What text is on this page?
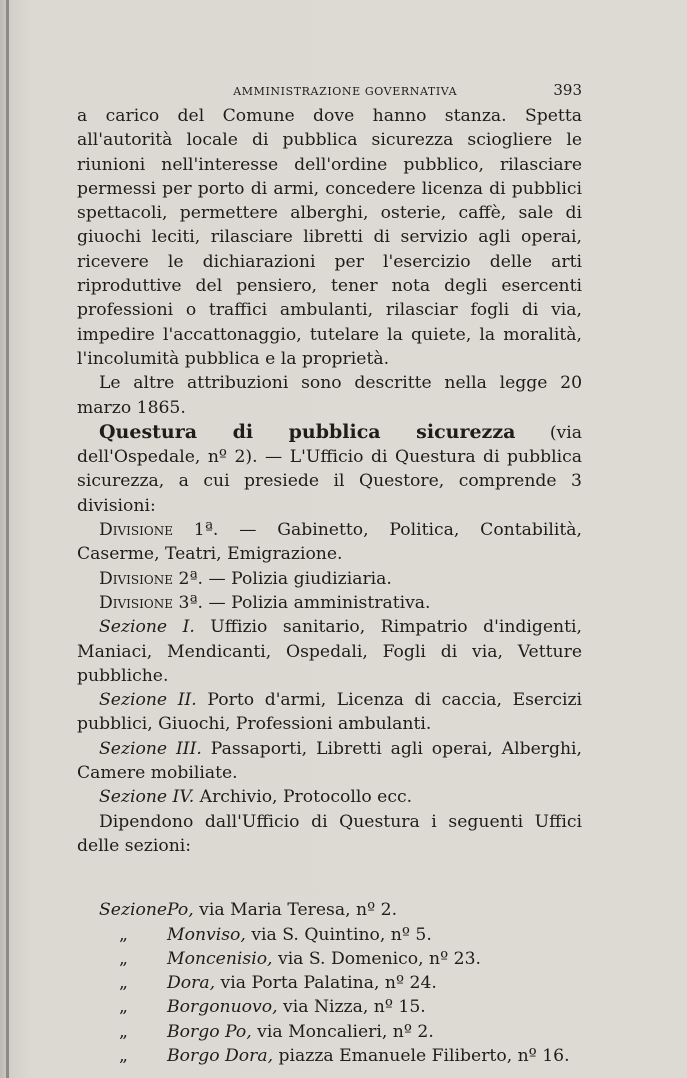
AMMINISTRAZIONE GOVERNATIVA	393

a carico del Comune dove hanno stanza. Spetta all'autorità locale di pubblica sicurezza sciogliere le riunioni nell'interesse dell'ordine pubblico, rilasciare permessi per porto di armi, concedere licenza di pubblici spettacoli, permettere alberghi, osterie, caffè, sale di giuochi leciti, rilasciare libretti di servizio agli operai, ricevere le dichiarazioni per l'esercizio delle arti riproduttive del pensiero, tener nota degli esercenti professioni o traffici ambulanti, rilasciar fogli di via, impedire l'accattonaggio, tutelare la quiete, la moralità, l'incolumità pubblica e la proprietà.

Le altre attribuzioni sono descritte nella legge 20 marzo 1865.

Questura di pubblica sicurezza (via dell'Ospedale, nº 2). — L'Ufficio di Questura di pubblica sicurezza, a cui presiede il Questore, comprende 3 divisioni:

Divisione 1ª. — Gabinetto, Politica, Contabilità, Caserme, Teatri, Emigrazione.

Divisione 2ª. — Polizia giudiziaria.

Divisione 3ª. — Polizia amministrativa.

Sezione I. Uffizio sanitario, Rimpatrio d'indigenti, Maniaci, Mendicanti, Ospedali, Fogli di via, Vetture pubbliche.

Sezione II. Porto d'armi, Licenza di caccia, Esercizi pubblici, Giuochi, Professioni ambulanti.

Sezione III. Passaporti, Libretti agli operai, Alberghi, Camere mobiliate.

Sezione IV. Archivio, Protocollo ecc.

Dipendono dall'Ufficio di Questura i seguenti Uffici delle sezioni:

Sezione Po, via Maria Teresa, nº 2.
„	Monviso, via S. Quintino, nº 5.
„	Moncenisio, via S. Domenico, nº 23.
„	Dora, via Porta Palatina, nº 24.
„	Borgonuovo, via Nizza, nº 15.
„	Borgo Po, via Moncalieri, nº 2.
„	Borgo Dora, piazza Emanuele Filiberto, nº 16.
